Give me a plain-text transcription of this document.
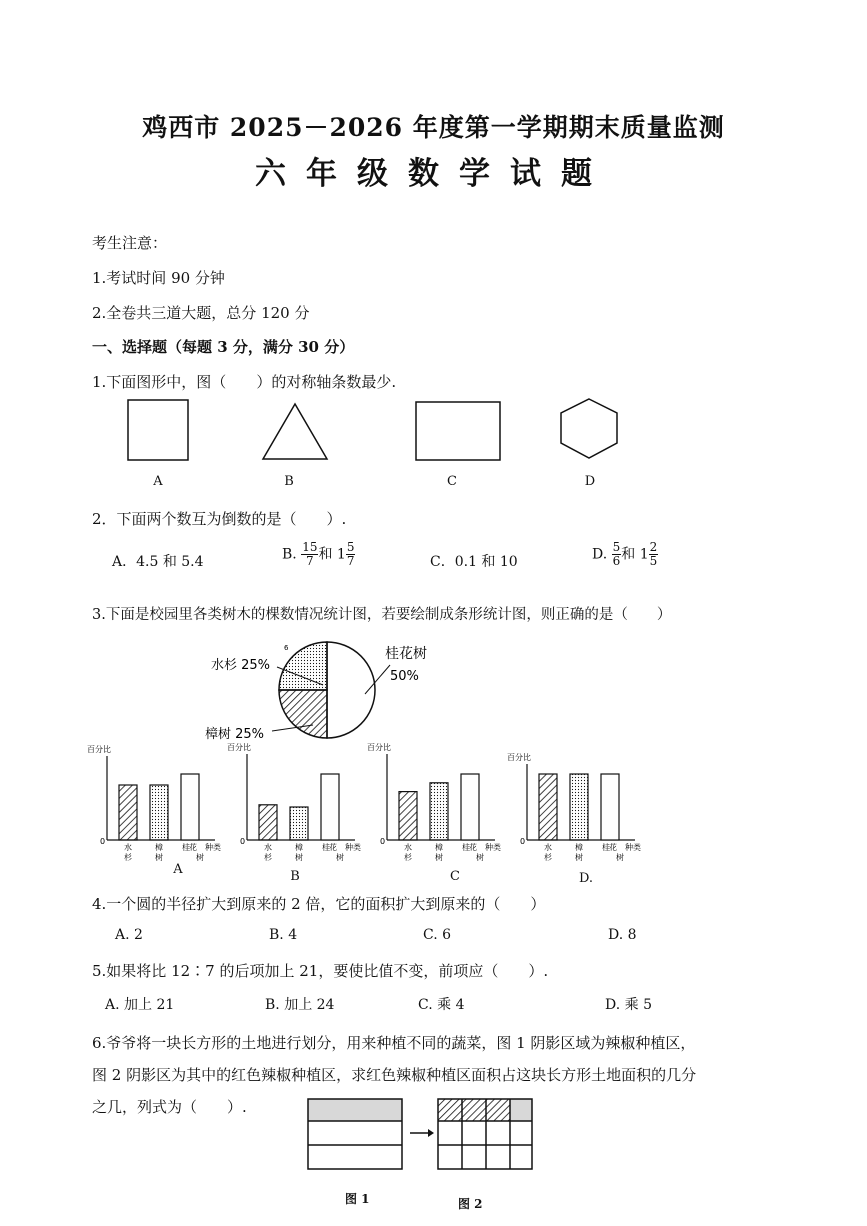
鸡西市 2025－2026 年度第一学期期末质量监测
六年级数学试题
考生注意：
1.考试时间 90 分钟
2.全卷共三道大题，总分 120 分
一、选择题（每题 3 分，满分 30 分）
1.下面图形中，图（　　）的对称轴条数最少.
A	B	C	D
2．下面两个数互为倒数的是（　　）.
A．4.5 和 5.4	B. $\frac{15}{7}$ 和 $1 \frac{5}{7}$	C．0.1 和 10	D. $\frac{5}{6}$ 和 $1 \frac{2}{5}$
3.下面是校园里各类树木的棵数情况统计图，若要绘制成条形统计图，则正确的是（　　）
6	桂花树
50%
水杉 25%
樟树 25%
百分比
0
种类
水
杉
樟
树
桂 花
树
百分比
0
种类
水
杉
樟
树
桂 花
树
百分比
0
种类
水
杉
樟
树
桂 花
树
百分比
0
种类
水
杉
樟
树
桂 花
树
A	B	C	D.
4.一个圆的半径扩大到原来的 2 倍，它的面积扩大到原来的（　　）
A. 2	B. 4	C. 6	D. 8
5.如果将比 12∶7 的后项加上 21，要使比值不变，前项应（　　）.
A. 加上 21	B. 加上 24	C. 乘 4	D. 乘 5
6.爷爷将一块长方形的土地进行划分，用来种植不同的蔬菜，图 1 阴影区域为辣椒种植区，
图 2 阴影区为其中的红色辣椒种植区，求红色辣椒种植区面积占这块长方形土地面积的几分
之几，列式为（　　）.
图 1	图 2
